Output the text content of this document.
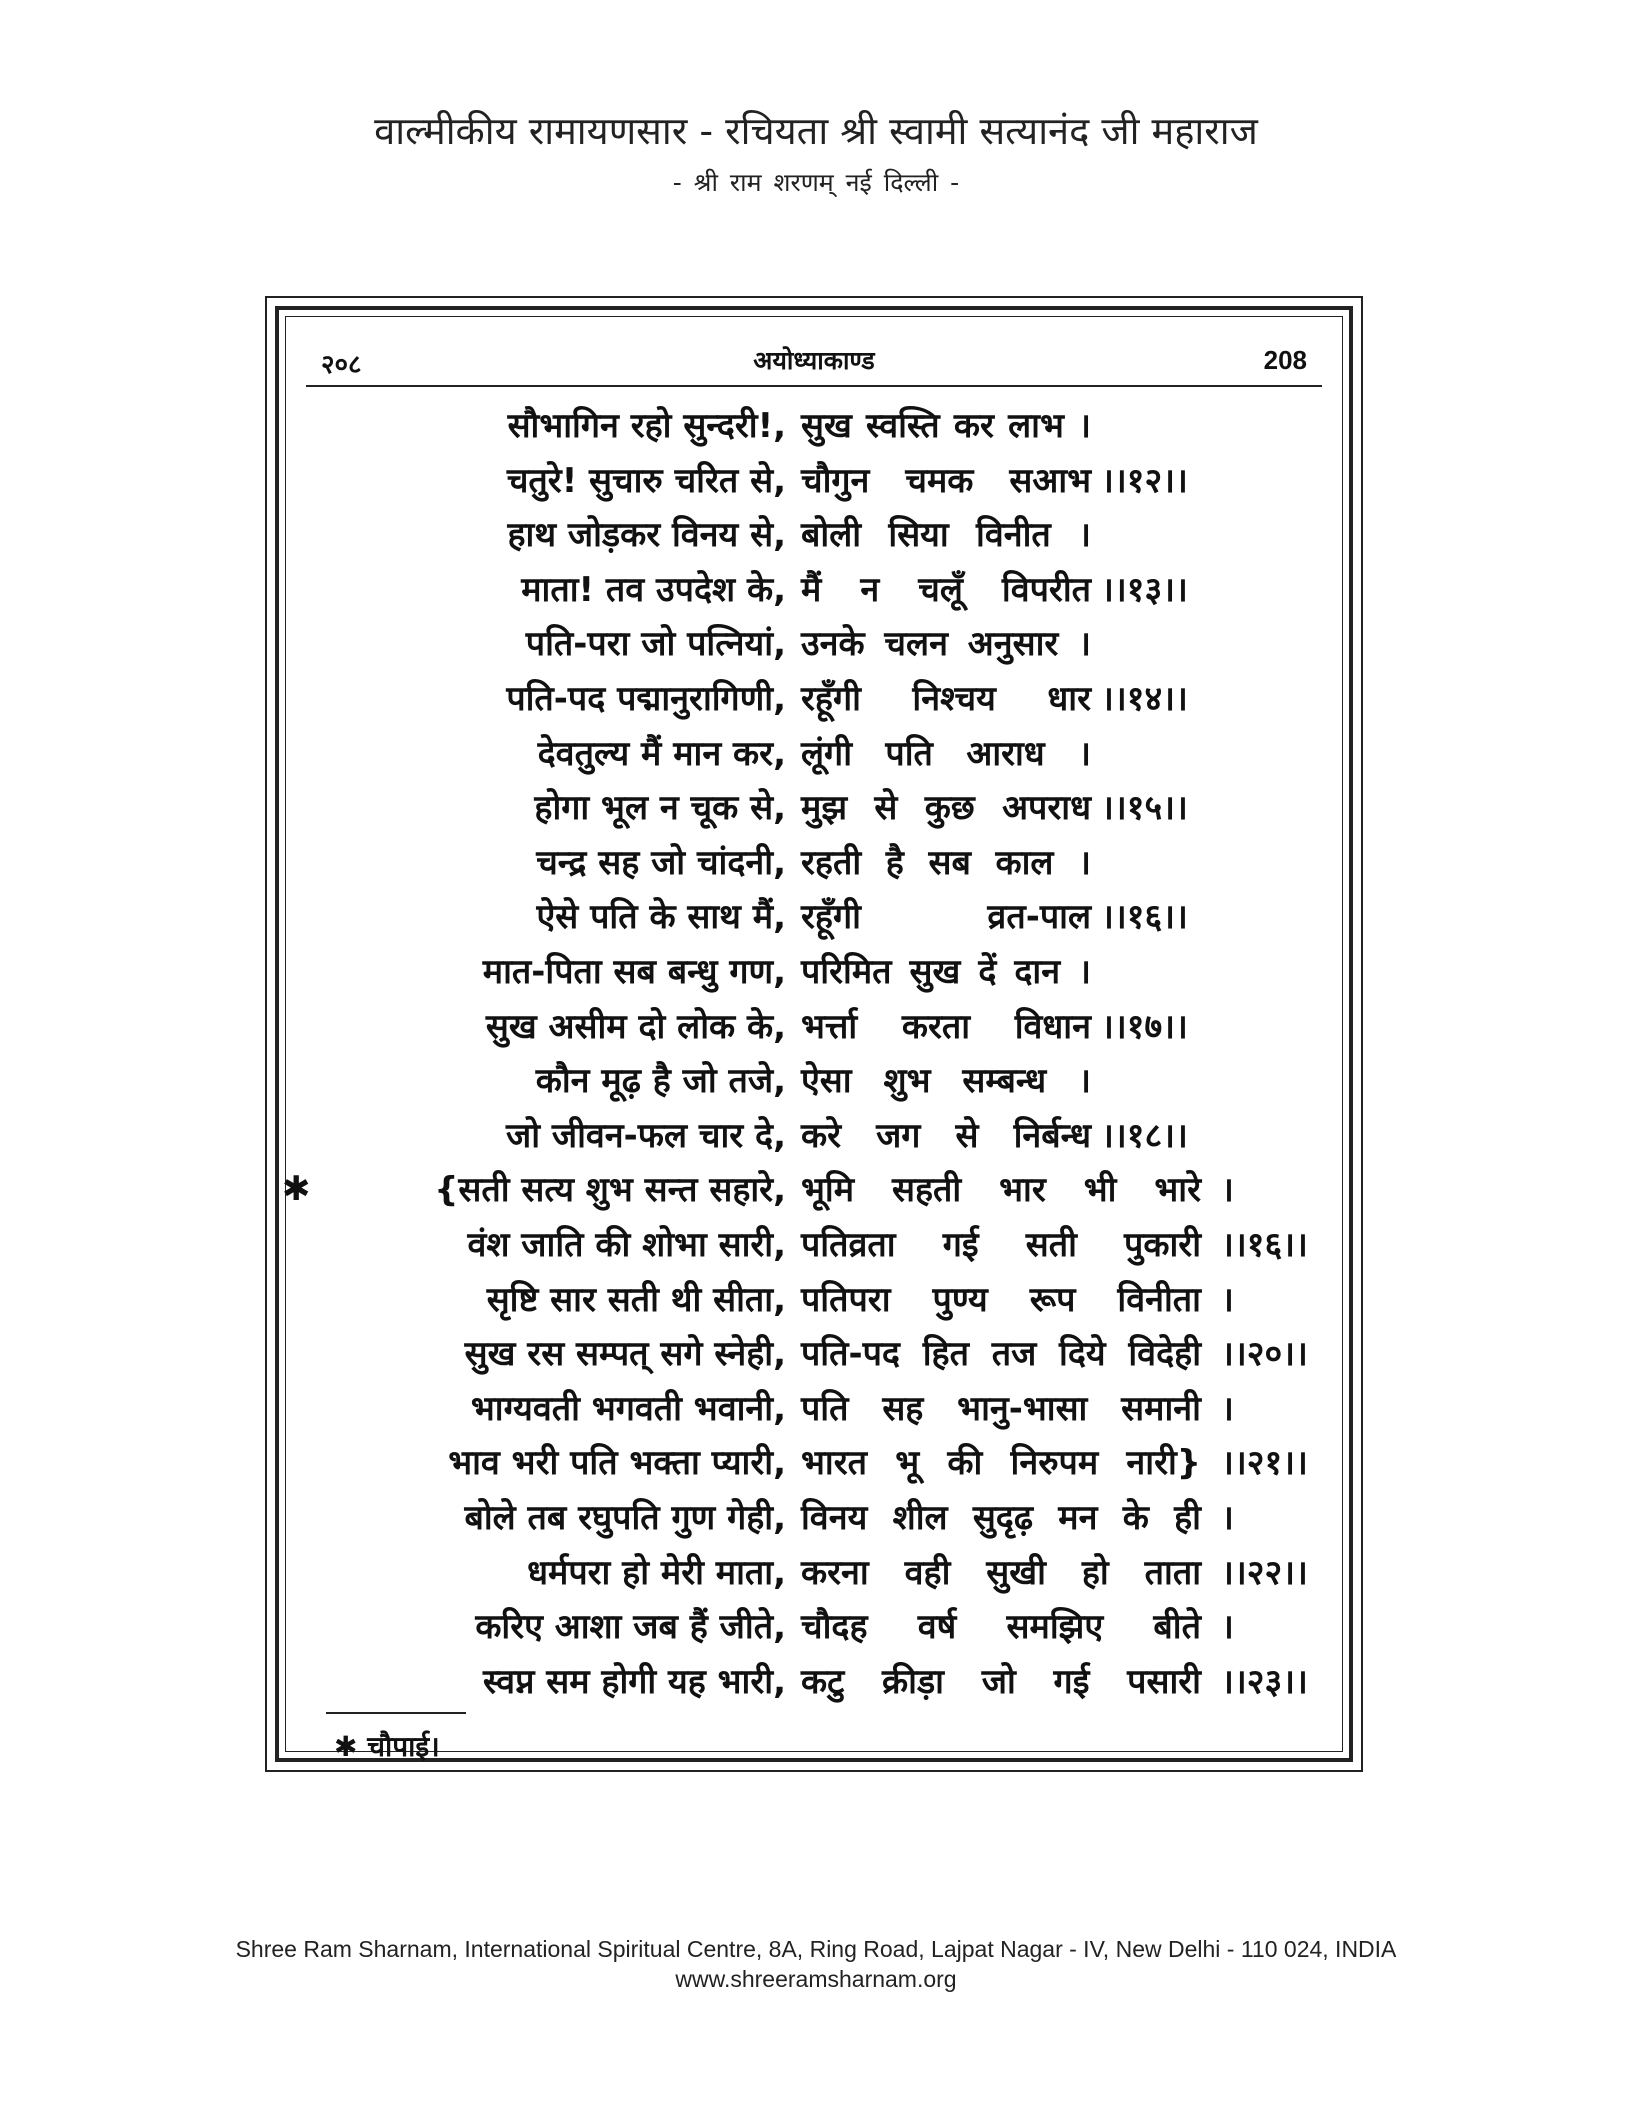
वाल्मीकीय रामायणसार - रचियता श्री स्वामी सत्यानंद जी महाराज
- श्री राम शरणम् नई दिल्ली -
२०८	अयोध्याकाण्ड	208
सौभागिन रहो सुन्दरी!, सुख स्वस्ति कर लाभ ।
चतुरे! सुचारु चरित से, चौगुन चमक सआभ ।।१२।।
हाथ जोड़कर विनय से, बोली सिया विनीत ।
माता! तव उपदेश के, मैं न चलूँ विपरीत ।।१३।।
पति-परा जो पत्नियां, उनके चलन अनुसार ।
पति-पद पद्मानुरागिणी, रहूँगी निश्चय धार ।।१४।।
देवतुल्य मैं मान कर, लूंगी पति आराध ।
होगा भूल न चूक से, मुझ से कुछ अपराध ।।१५।।
चन्द्र सह जो चांदनी, रहती है सब काल ।
ऐसे पति के साथ मैं, रहूँगी व्रत-पाल ।।१६।।
मात-पिता सब बन्धु गण, परिमित सुख दें दान ।
सुख असीम दो लोक के, भर्त्ता करता विधान ।।१७।।
कौन मूढ़ है जो तजे, ऐसा शुभ सम्बन्ध ।
जो जीवन-फल चार दे, करे जग से निर्बन्ध ।।१८।।
{सती सत्य शुभ सन्त सहारे, भूमि सहती भार भी भारे ।
✱
वंश जाति की शोभा सारी, पतिव्रता गई सती पुकारी ।।१६।।
सृष्टि सार सती थी सीता, पतिपरा पुण्य रूप विनीता ।
सुख रस सम्पत् सगे स्नेही, पति-पद हित तज दिये विदेही ।।२०।।
भाग्यवती भगवती भवानी, पति सह भानु-भासा समानी ।
भाव भरी पति भक्ता प्यारी, भारत भू की निरुपम नारी} ।।२१।।
बोले तब रघुपति गुण गेही, विनय शील सुदृढ़ मन के ही ।
धर्मपरा हो मेरी माता, करना वही सुखी हो ताता ।।२२।।
करिए आशा जब हैं जीते, चौदह वर्ष समझिए बीते ।
स्वप्न सम होगी यह भारी, कटु क्रीड़ा जो गई पसारी ।।२३।।
✱ चौपाई।
Shree Ram Sharnam, International Spiritual Centre, 8A, Ring Road, Lajpat Nagar - IV, New Delhi - 110 024, INDIA
www.shreeramsharnam.org
